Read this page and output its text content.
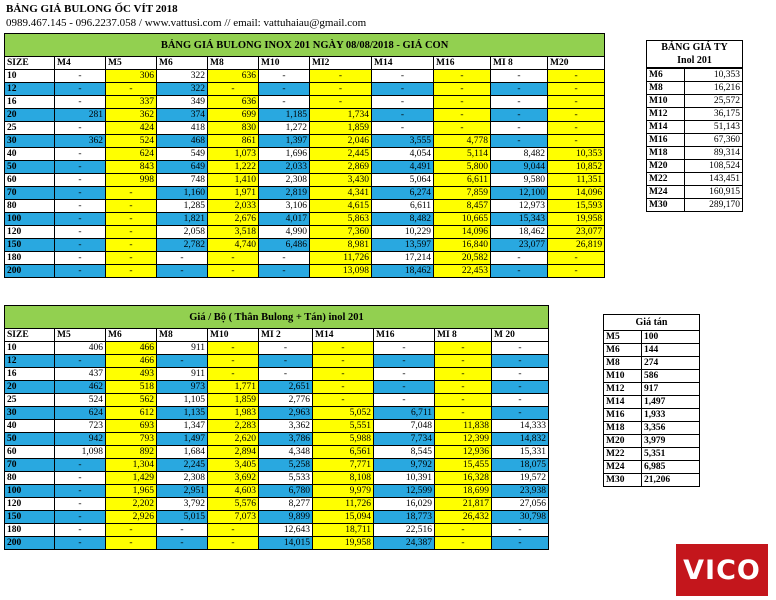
BẢNG GIÁ BULONG ỐC VÍT 2018
0989.467.145 - 096.2237.058 / www.vattusi.com // email: vattuhaiau@gmail.com
BẢNG GIÁ BULONG INOX 201 NGÀY 08/08/2018 - GIÁ CON										
SIZE	M4	M5	M6	M8	M10	MI2	M14	M16	MI 8	M20
10	-	306	322	636	-	-	-	-	-	-
12	-	-	322	-	-	-	-	-	-	-
16	-	337	349	636	-	-	-	-	-	-
20	281	362	374	699	1,185	1,734	-	-	-	-
25	-	424	418	830	1,272	1,859	-	-	-	-
30	362	524	468	861	1,397	2,046	3,555	4,778	-	-
40	-	624	549	1,073	1,696	2,445	4,054	5,114	8,482	10,353
50	-	843	649	1,222	2,033	2,869	4,491	5,800	9,044	10,852
60	-	998	748	1,410	2,308	3,430	5,064	6,611	9,580	11,351
70	-	-	1,160	1,971	2,819	4,341	6,274	7,859	12,100	14,096
80	-	-	1,285	2,033	3,106	4,615	6,611	8,457	12,973	15,593
100	-	-	1,821	2,676	4,017	5,863	8,482	10,665	15,343	19,958
120	-	-	2,058	3,518	4,990	7,360	10,229	14,096	18,462	23,077
150	-	-	2,782	4,740	6,486	8,981	13,597	16,840	23,077	26,819
180	-	-	-	-	-	11,726	17,214	20,582	-	-
200	-	-	-	-	-	13,098	18,462	22,453	-	-
Giá / Bộ ( Thân Bulong + Tán) inol 201									
SIZE	M5	M6	M8	M10	MI 2	M14	M16	MI 8	M 20
10	406	466	911	-	-	-	-	-	-
12	-	466	-	-	-	-	-	-	-
16	437	493	911	-	-	-	-	-	-
20	462	518	973	1,771	2,651	-	-	-	-
25	524	562	1,105	1,859	2,776	-	-	-	-
30	624	612	1,135	1,983	2,963	5,052	6,711	-	-
40	723	693	1,347	2,283	3,362	5,551	7,048	11,838	14,333
50	942	793	1,497	2,620	3,786	5,988	7,734	12,399	14,832
60	1,098	892	1,684	2,894	4,348	6,561	8,545	12,936	15,331
70	-	1,304	2,245	3,405	5,258	7,771	9,792	15,455	18,075
80	-	1,429	2,308	3,692	5,533	8,108	10,391	16,328	19,572
100	-	1,965	2,951	4,603	6,780	9,979	12,599	18,699	23,938
120	-	2,202	3,792	5,576	8,277	11,726	16,029	21,817	27,056
150	-	2,926	5,015	7,073	9,899	15,094	18,773	26,432	30,798
180	-	-	-	-	12,643	18,711	22,516	-	-
200	-	-	-	-	14,015	19,958	24,387	-	-
BẢNG GIÁ TY
Inol 201	

M6	10,353
M8	16,216
M10	25,572
M12	36,175
M14	51,143
M16	67,360
M18	89,314
M20	108,524
M22	143,451
M24	160,915
M30	289,170
Giá tán	
M5	100
M6	144
M8	274
M10	586
M12	917
M14	1,497
M16	1,933
M18	3,356
M20	3,979
M22	5,351
M24	6,985
M30	21,206
VICO
